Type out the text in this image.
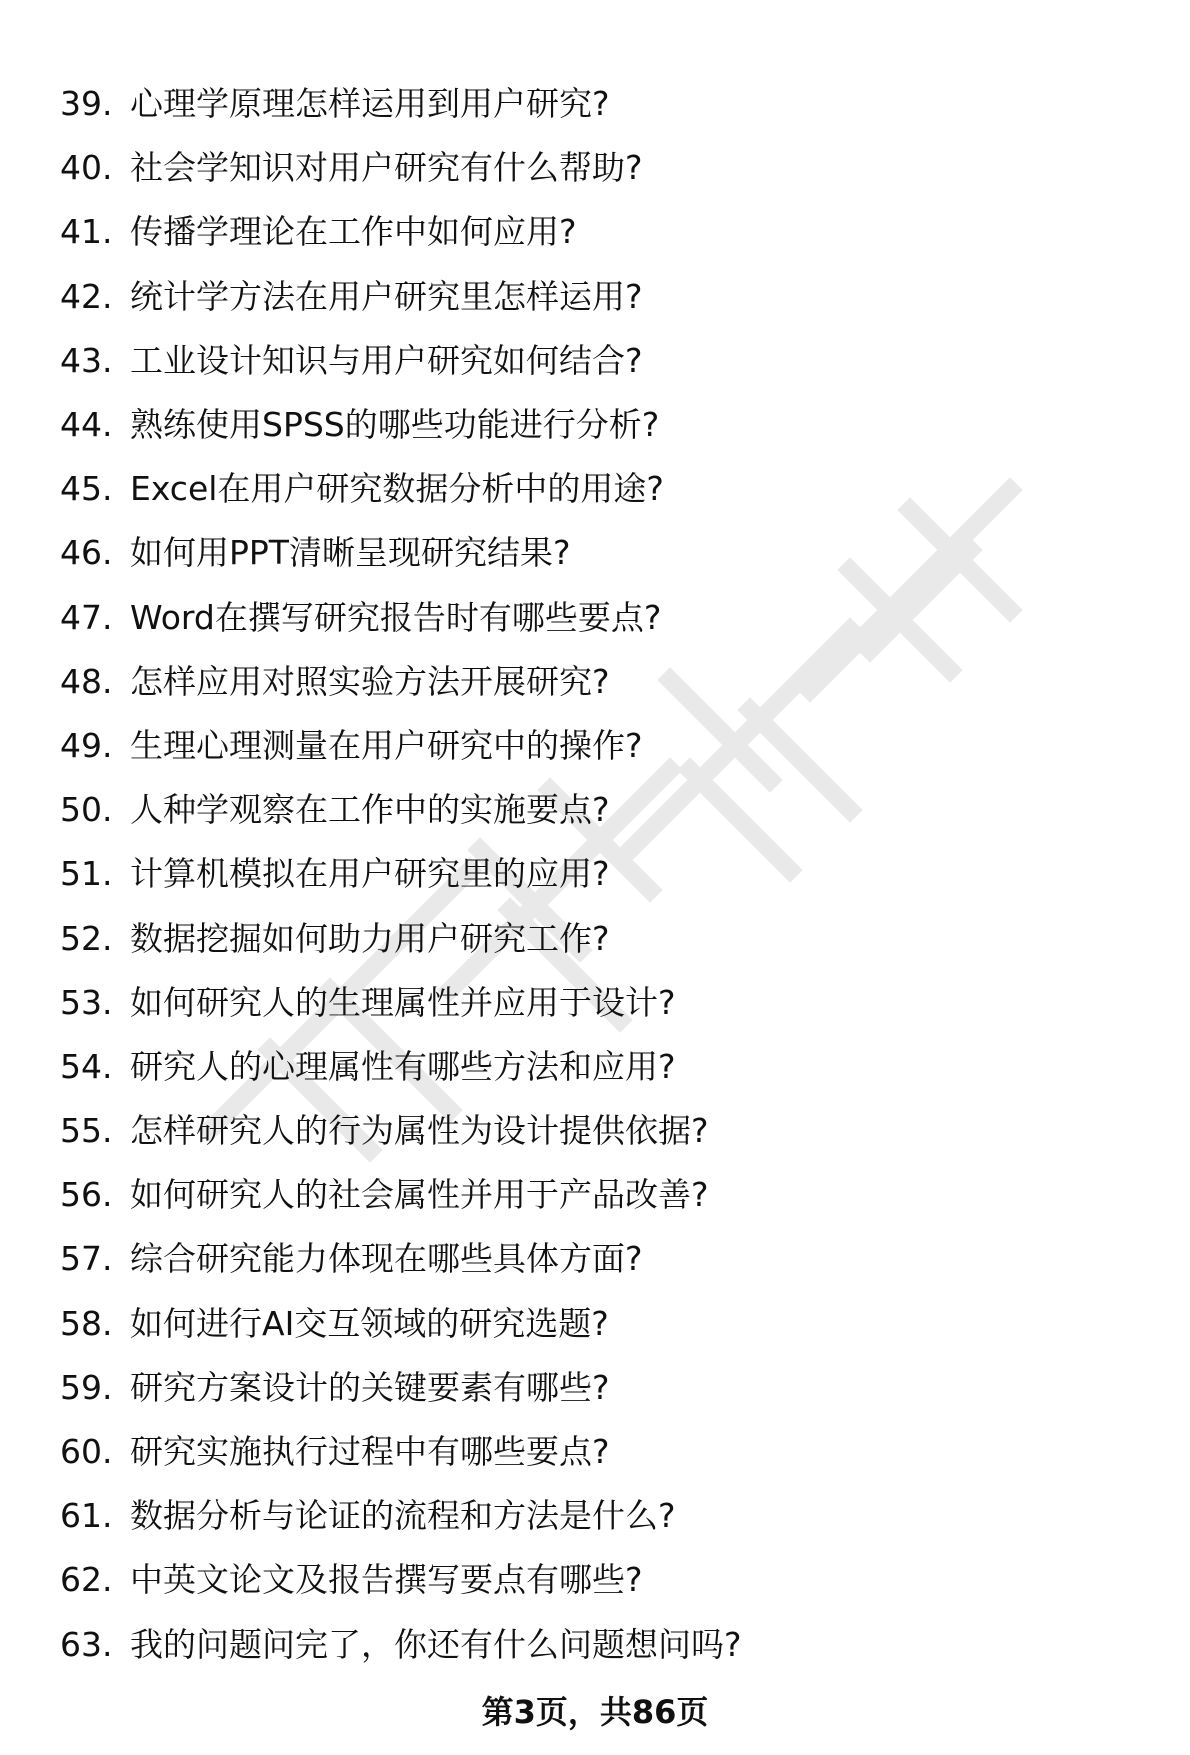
39. 心理学原理怎样运用到用户研究?
40. 社会学知识对用户研究有什么帮助?
41. 传播学理论在工作中如何应用?
42. 统计学方法在用户研究里怎样运用?
43. 工业设计知识与用户研究如何结合?
44. 熟练使用SPSS的哪些功能进行分析?
45. Excel在用户研究数据分析中的用途?
46. 如何用PPT清晰呈现研究结果?
47. Word在撰写研究报告时有哪些要点?
48. 怎样应用对照实验方法开展研究?
49. 生理心理测量在用户研究中的操作?
50. 人种学观察在工作中的实施要点?
51. 计算机模拟在用户研究里的应用?
52. 数据挖掘如何助力用户研究工作?
53. 如何研究人的生理属性并应用于设计?
54. 研究人的心理属性有哪些方法和应用?
55. 怎样研究人的行为属性为设计提供依据?
56. 如何研究人的社会属性并用于产品改善?
57. 综合研究能力体现在哪些具体方面?
58. 如何进行AI交互领域的研究选题?
59. 研究方案设计的关键要素有哪些?
60. 研究实施执行过程中有哪些要点?
61. 数据分析与论证的流程和方法是什么?
62. 中英文论文及报告撰写要点有哪些?
63. 我的问题问完了，你还有什么问题想问吗?
第3页，共86页
